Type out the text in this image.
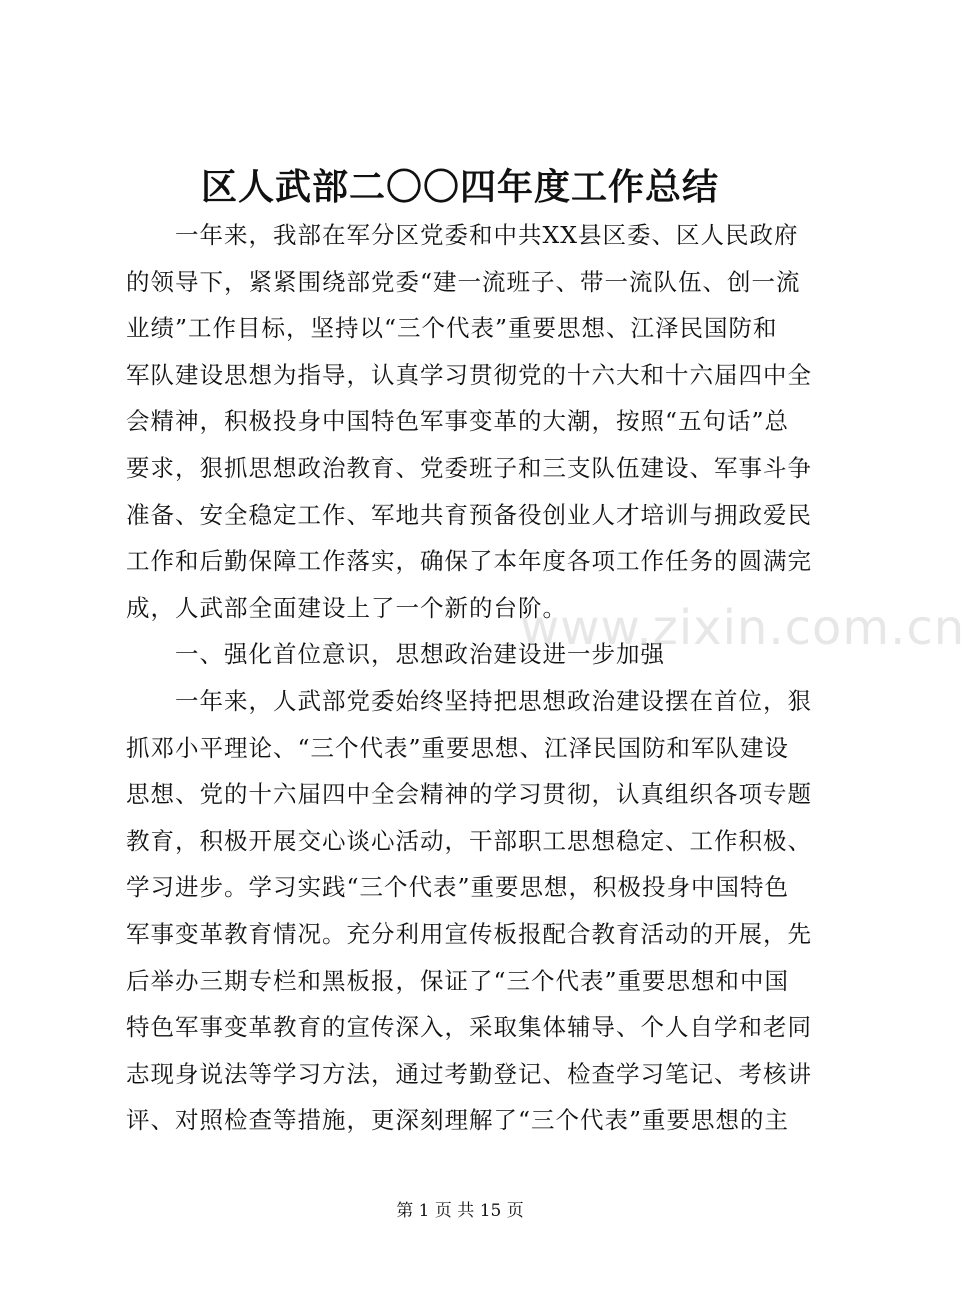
区人武部二〇〇四年度工作总结
　　一年来，我部在军分区党委和中共XX县区委、区人民政府
的领导下，紧紧围绕部党委“建一流班子、带一流队伍、创一流
业绩”工作目标，坚持以“三个代表”重要思想、江泽民国防和
军队建设思想为指导，认真学习贯彻党的十六大和十六届四中全
会精神，积极投身中国特色军事变革的大潮，按照“五句话”总
要求，狠抓思想政治教育、党委班子和三支队伍建设、军事斗争
准备、安全稳定工作、军地共育预备役创业人才培训与拥政爱民
工作和后勤保障工作落实，确保了本年度各项工作任务的圆满完
成，人武部全面建设上了一个新的台阶。
　　一、强化首位意识，思想政治建设进一步加强
　　一年来，人武部党委始终坚持把思想政治建设摆在首位，狠
抓邓小平理论、“三个代表”重要思想、江泽民国防和军队建设
思想、党的十六届四中全会精神的学习贯彻，认真组织各项专题
教育，积极开展交心谈心活动，干部职工思想稳定、工作积极、
学习进步。学习实践“三个代表”重要思想，积极投身中国特色
军事变革教育情况。充分利用宣传板报配合教育活动的开展，先
后举办三期专栏和黑板报，保证了“三个代表”重要思想和中国
特色军事变革教育的宣传深入，采取集体辅导、个人自学和老同
志现身说法等学习方法，通过考勤登记、检查学习笔记、考核讲
评、对照检查等措施，更深刻理解了“三个代表”重要思想的主
www.zixin.com.cn
第 1 页 共 15 页
